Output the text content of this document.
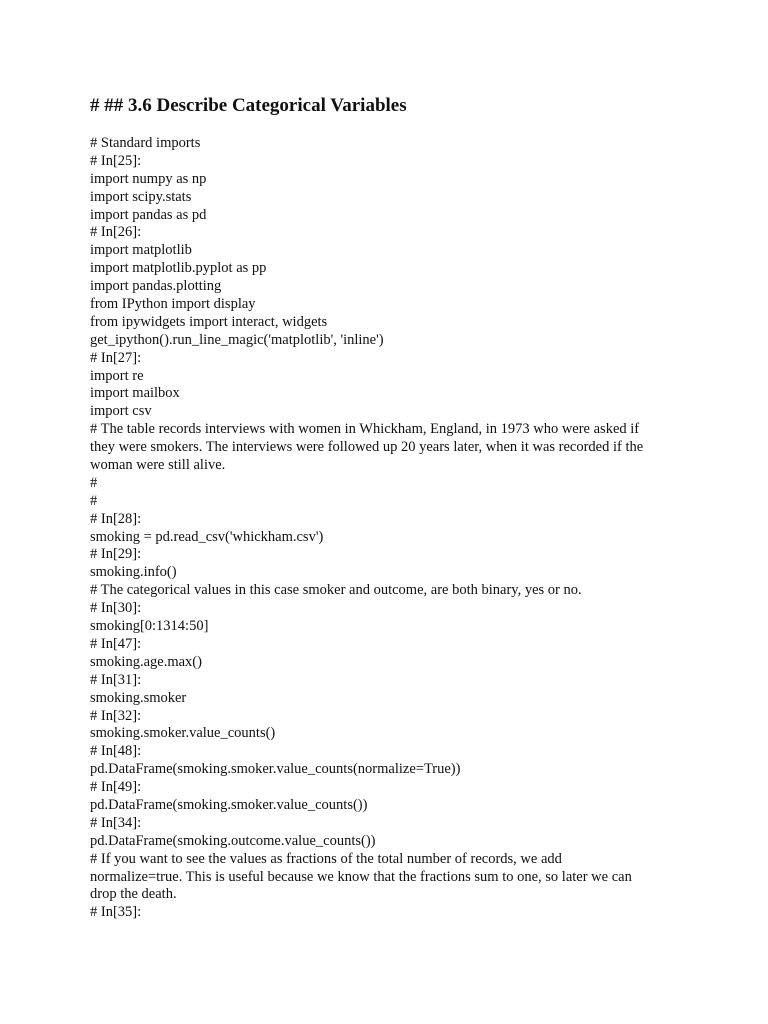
# ## 3.6 Describe Categorical Variables
# Standard imports
# In[25]:
import numpy as np
import scipy.stats
import pandas as pd
# In[26]:
import matplotlib
import matplotlib.pyplot as pp
import pandas.plotting
from IPython import display
from ipywidgets import interact, widgets
get_ipython().run_line_magic('matplotlib', 'inline')
# In[27]:
import re
import mailbox
import csv
# The table records interviews with women in Whickham, England, in 1973 who were asked if
they were smokers. The interviews were followed up 20 years later, when it was recorded if the
woman were still alive.
#
#
# In[28]:
smoking = pd.read_csv('whickham.csv')
# In[29]:
smoking.info()
# The categorical values in this case smoker and outcome, are both binary, yes or no.
# In[30]:
smoking[0:1314:50]
# In[47]:
smoking.age.max()
# In[31]:
smoking.smoker
# In[32]:
smoking.smoker.value_counts()
# In[48]:
pd.DataFrame(smoking.smoker.value_counts(normalize=True))
# In[49]:
pd.DataFrame(smoking.smoker.value_counts())
# In[34]:
pd.DataFrame(smoking.outcome.value_counts())
# If you want to see the values as fractions of the total number of records, we add
normalize=true. This is useful because we know that the fractions sum to one, so later we can
drop the death.
# In[35]:
